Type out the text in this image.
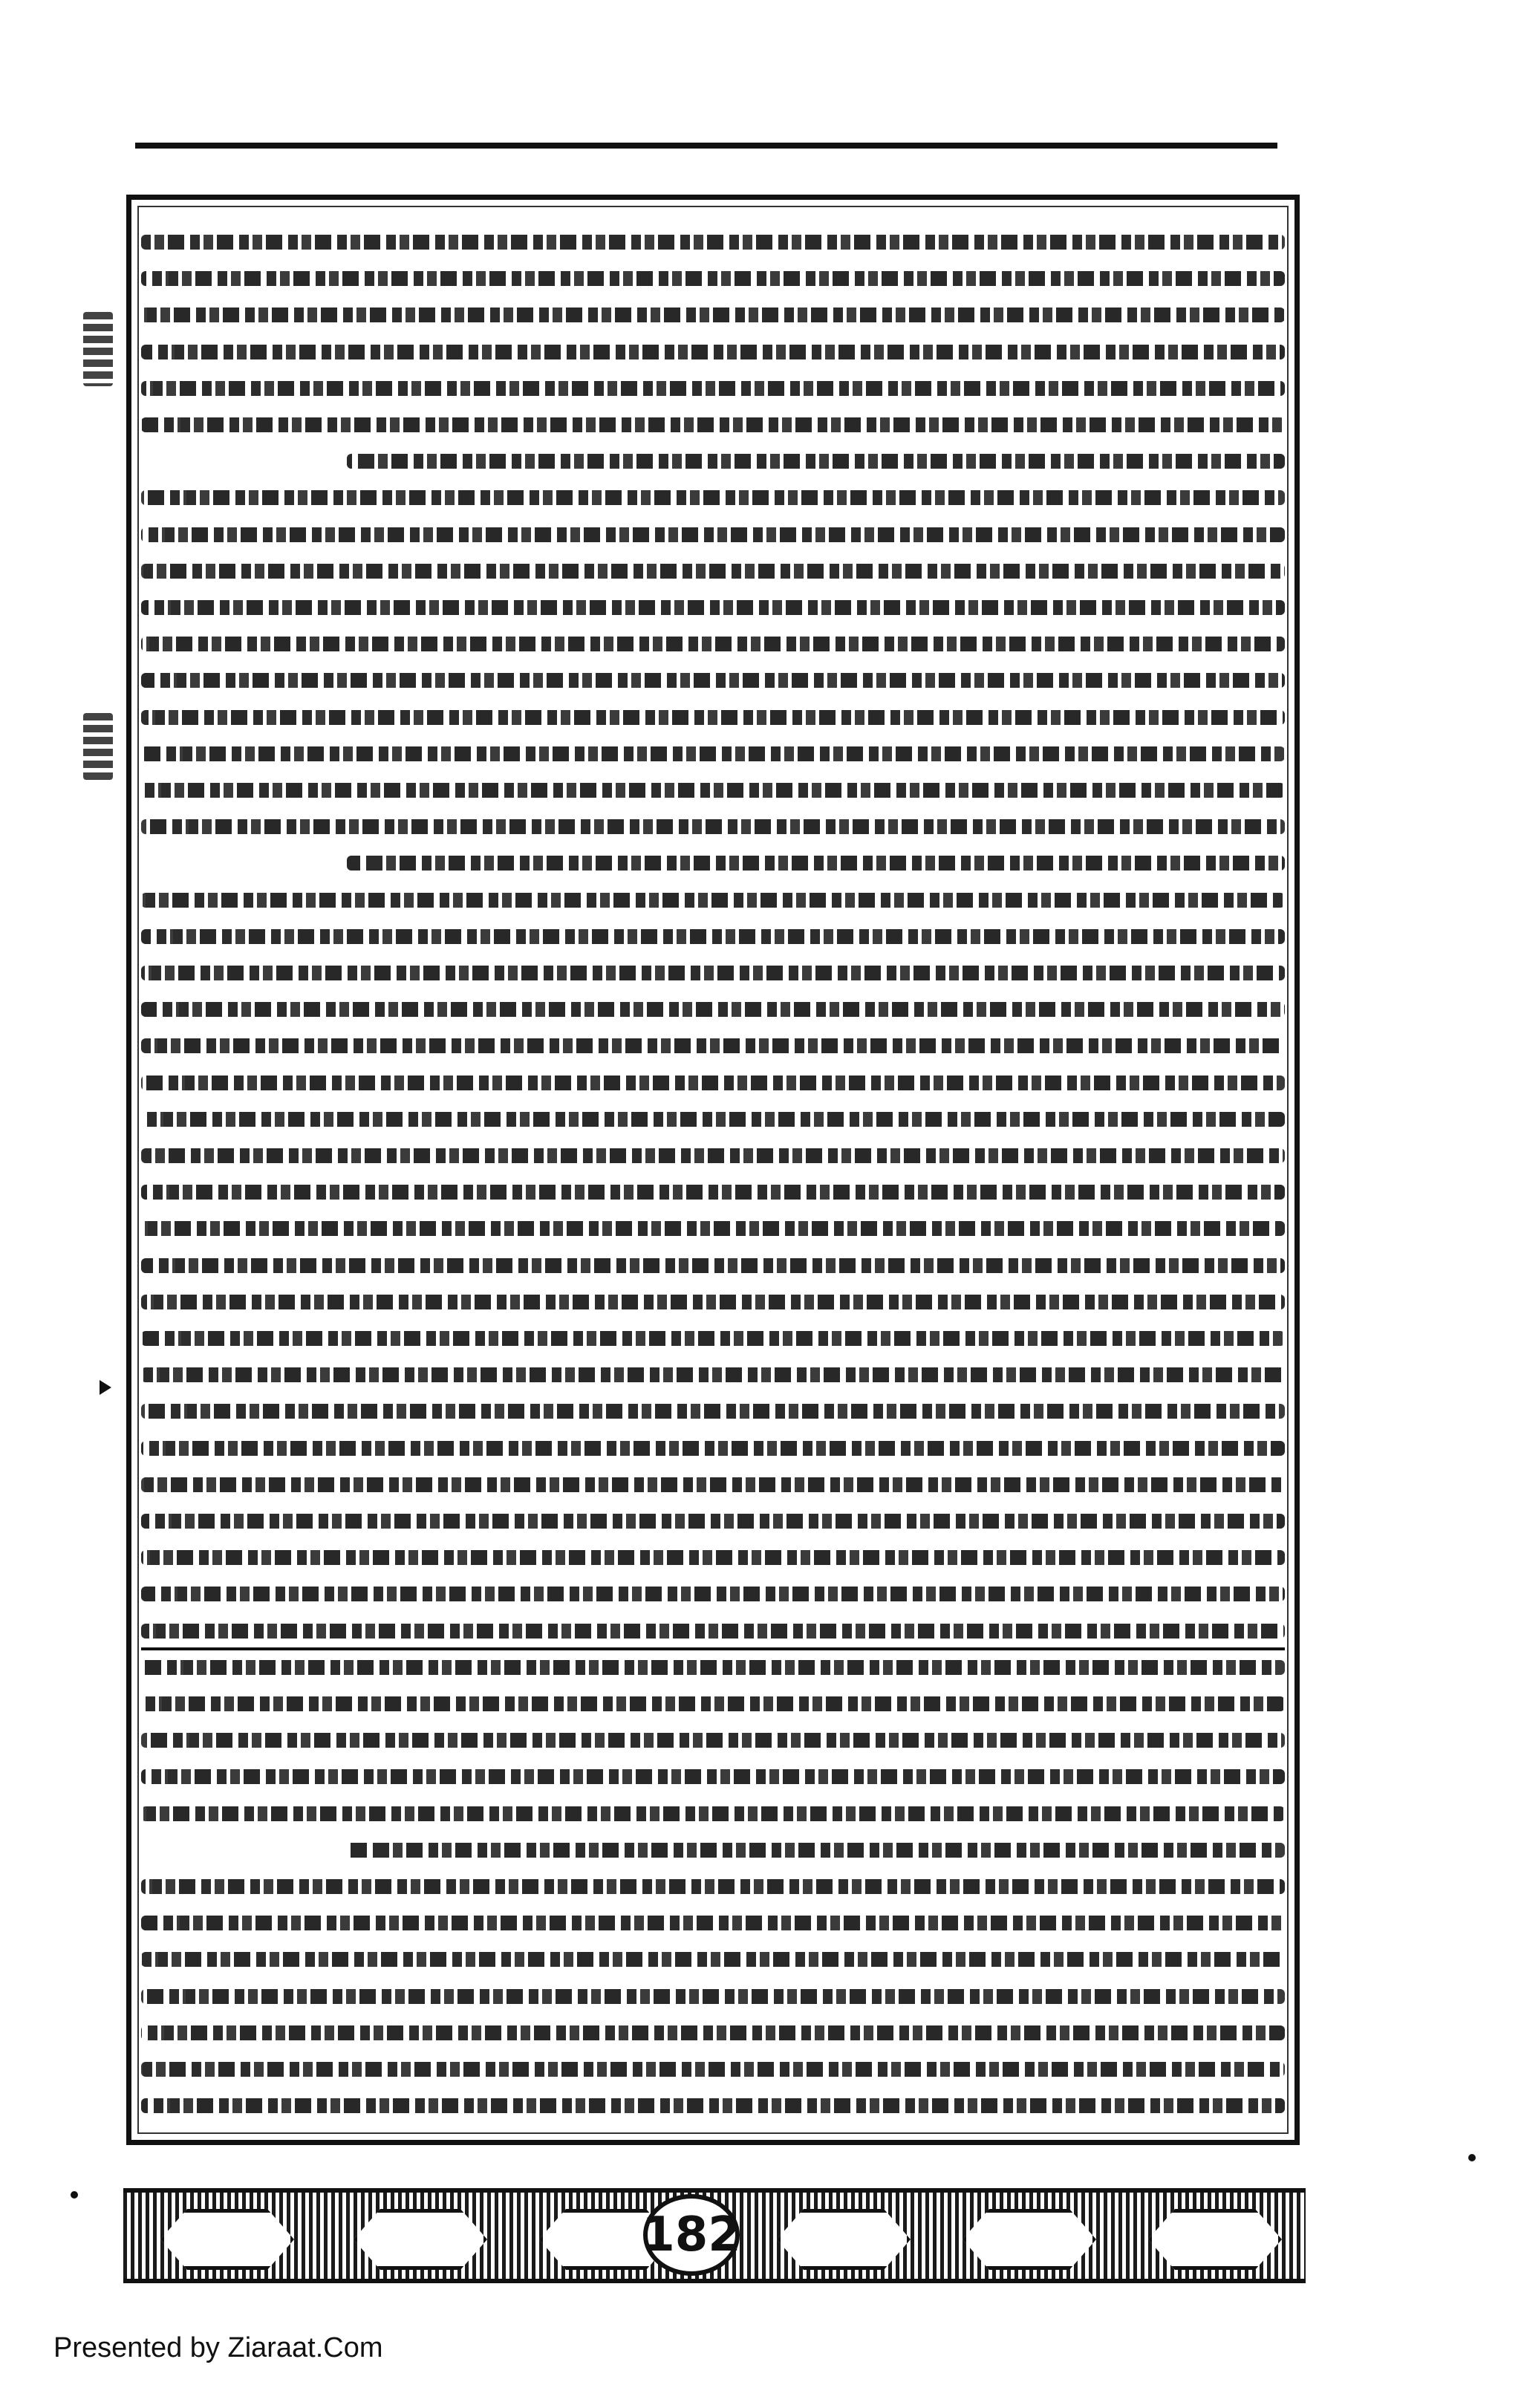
182
Presented by Ziaraat.Com
